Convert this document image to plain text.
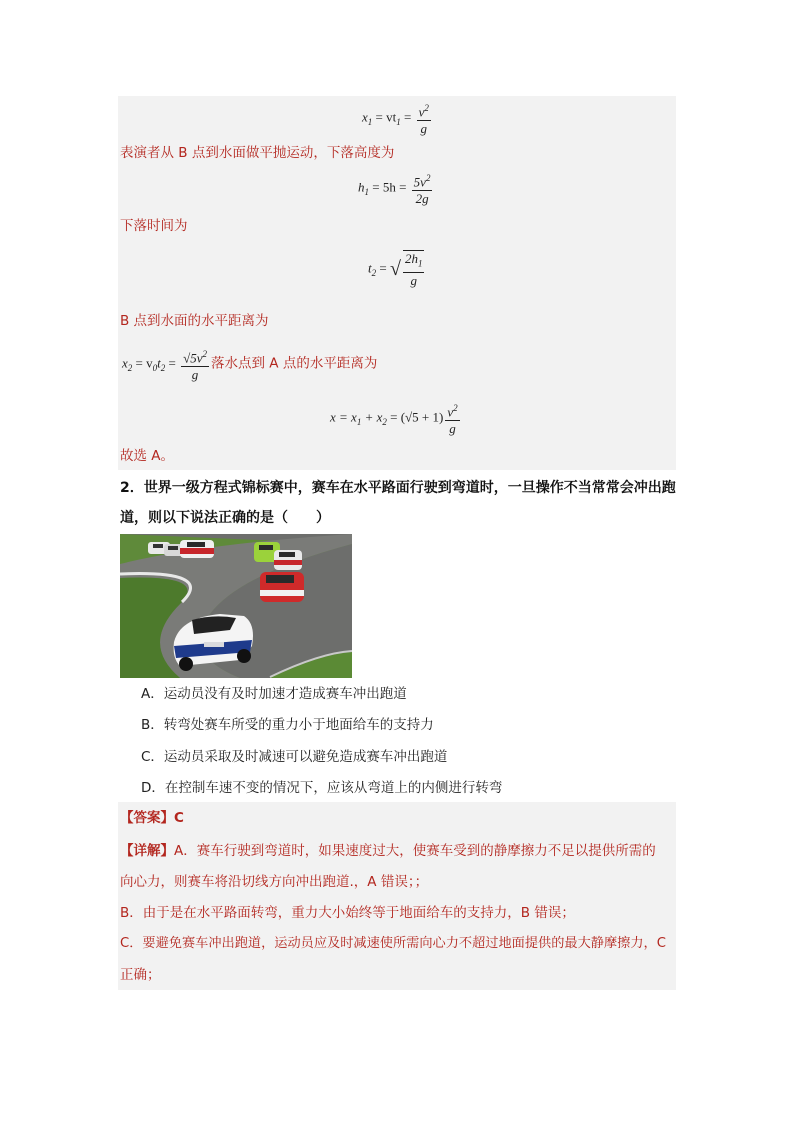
$x_1 = vt_1 = \frac{v^2}{g}$
表演者从 B 点到水面做平抛运动，下落高度为
$h_1 = 5h = \frac{5v^2}{2g}$
下落时间为
$t_2$ = √ $\frac{2h_1}{g}$
B 点到水面的水平距离为
$x_2 = v_0t_2 = \frac{√5v^2}{g}$ 落水点到 A 点的水平距离为
$x = x_1 + x_2 = (√5 + 1) \frac{v^2}{g}$
故选 A。
2．世界一级方程式锦标赛中，赛车在水平路面行驶到弯道时，一旦操作不当常常会冲出跑
道，则以下说法正确的是（　　）
A．运动员没有及时加速才造成赛车冲出跑道
B．转弯处赛车所受的重力小于地面给车的支持力
C．运动员采取及时减速可以避免造成赛车冲出跑道
D．在控制车速不变的情况下，应该从弯道上的内侧进行转弯
【答案】C
【详解】A．赛车行驶到弯道时，如果速度过大，使赛车受到的静摩擦力不足以提供所需的
向心力，则赛车将沿切线方向冲出跑道.，A 错误；；
B．由于是在水平路面转弯，重力大小始终等于地面给车的支持力，B 错误；
C．要避免赛车冲出跑道，运动员应及时减速使所需向心力不超过地面提供的最大静摩擦力，C
正确；
